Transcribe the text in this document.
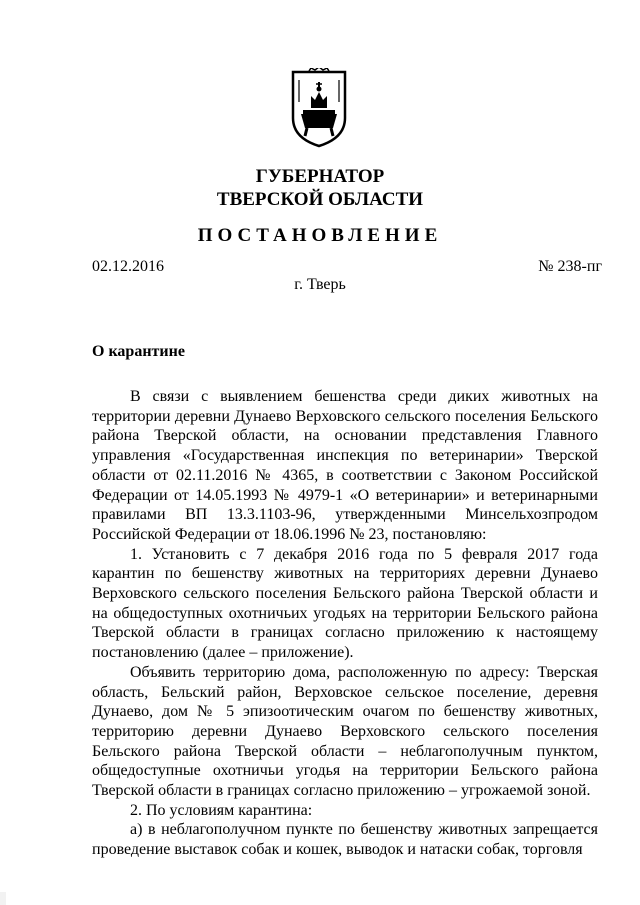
ГУБЕРНАТОР
ТВЕРСКОЙ ОБЛАСТИ
ПОСТАНОВЛЕНИЕ
02.12.2016	№ 238-пг
г. Тверь
О карантине

В связи с выявлением бешенства среди диких животных на территории деревни Дунаево Верховского сельского поселения Бельского района Тверской области, на основании представления Главного управления «Государственная инспекция по ветеринарии» Тверской области от 02.11.2016 № 4365, в соответствии с Законом Российской Федерации от 14.05.1993 № 4979-1 «О ветеринарии» и ветеринарными правилами ВП 13.3.1103-96, утвержденными Минсельхозпродом Российской Федерации от 18.06.1996 № 23, постановляю:

1. Установить с 7 декабря 2016 года по 5 февраля 2017 года карантин по бешенству животных на территориях деревни Дунаево Верховского сельского поселения Бельского района Тверской области и на общедоступных охотничьих угодьях на территории Бельского района Тверской области в границах согласно приложению к настоящему постановлению (далее – приложение).

Объявить территорию дома, расположенную по адресу: Тверская область, Бельский район, Верховское сельское поселение, деревня Дунаево, дом № 5 эпизоотическим очагом по бешенству животных, территорию деревни Дунаево Верховского сельского поселения Бельского района Тверской области – неблагополучным пунктом, общедоступные охотничьи угодья на территории Бельского района Тверской области в границах согласно приложению – угрожаемой зоной.

2. По условиям карантина:

а) в неблагополучном пункте по бешенству животных запрещается проведение выставок собак и кошек, выводок и натаски собак, торговля
